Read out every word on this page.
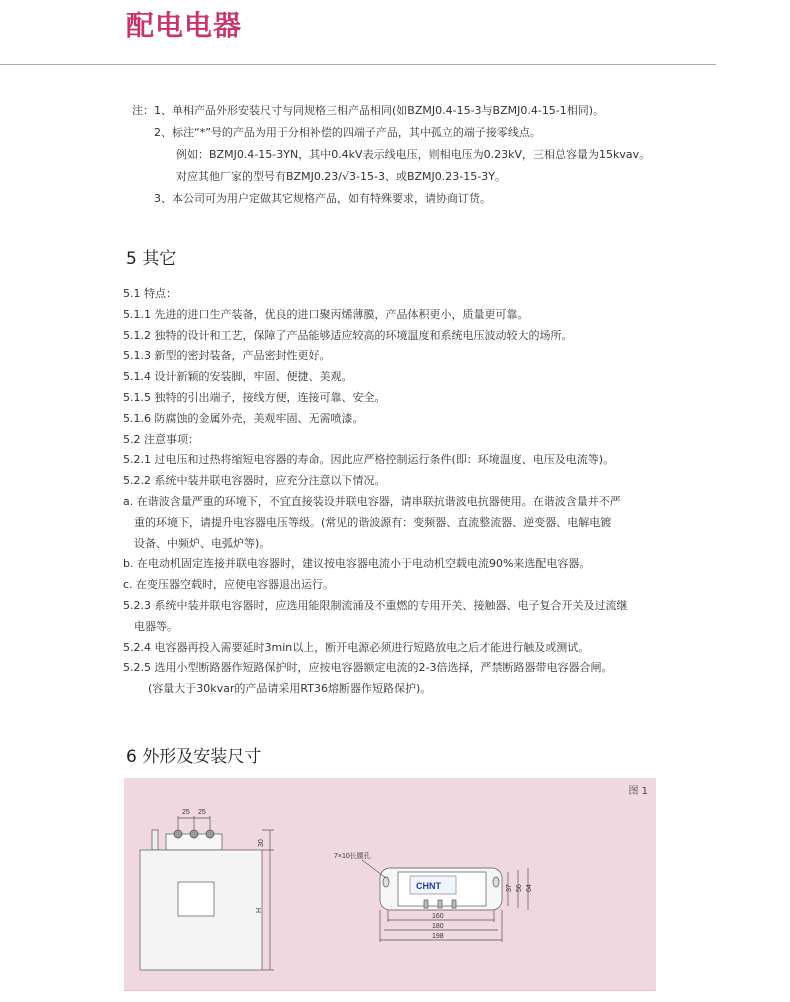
配电电器
注：1、单相产品外形安装尺寸与同规格三相产品相同(如BZMJ0.4-15-3与BZMJ0.4-15-1相同)。
2、标注“*”号的产品为用于分相补偿的四端子产品，其中孤立的端子接零线点。
例如：BZMJ0.4-15-3YN，其中0.4kV表示线电压，则相电压为0.23kV，三相总容量为15kvav。
对应其他厂家的型号有BZMJ0.23/√3-15-3、或BZMJ0.23-15-3Y。
3、本公司可为用户定做其它规格产品，如有特殊要求，请协商订货。
5 其它
5.1 特点：
5.1.1 先进的进口生产装备，优良的进口聚丙烯薄膜，产品体积更小，质量更可靠。
5.1.2 独特的设计和工艺，保障了产品能够适应较高的环境温度和系统电压波动较大的场所。
5.1.3 新型的密封装备，产品密封性更好。
5.1.4 设计新颖的安装脚，牢固、便捷、美观。
5.1.5 独特的引出端子，接线方便，连接可靠、安全。
5.1.6 防腐蚀的金属外壳，美观牢固、无需喷漆。
5.2 注意事项：
5.2.1 过电压和过热将缩短电容器的寿命。因此应严格控制运行条件(即：环境温度、电压及电流等)。
5.2.2 系统中装并联电容器时，应充分注意以下情况。
a. 在谐波含量严重的环境下，不宜直接装设并联电容器，请串联抗谐波电抗器使用。在谐波含量并不严
重的环境下，请提升电容器电压等级。(常见的谐波源有：变频器、直流整流器、逆变器、电解电镀
设备、中频炉、电弧炉等)。
b. 在电动机固定连接并联电容器时，建议按电容器电流小于电动机空载电流90%来选配电容器。
c. 在变压器空载时，应使电容器退出运行。
5.2.3 系统中装并联电容器时，应选用能限制流涌及不重燃的专用开关、接触器、电子复合开关及过流继
电器等。
5.2.4 电容器再投入需要延时3min以上，断开电源必须进行短路放电之后才能进行触及或测试。
5.2.5 选用小型断路器作短路保护时，应按电容器额定电流的2-3倍选择，严禁断路器带电容器合闸。
(容量大于30kvar的产品请采用RT36熔断器作短路保护)。
6 外形及安装尺寸
图 1
25 25
30
H
7×10长腰孔
CHNT	37 56 64
160
180
198
